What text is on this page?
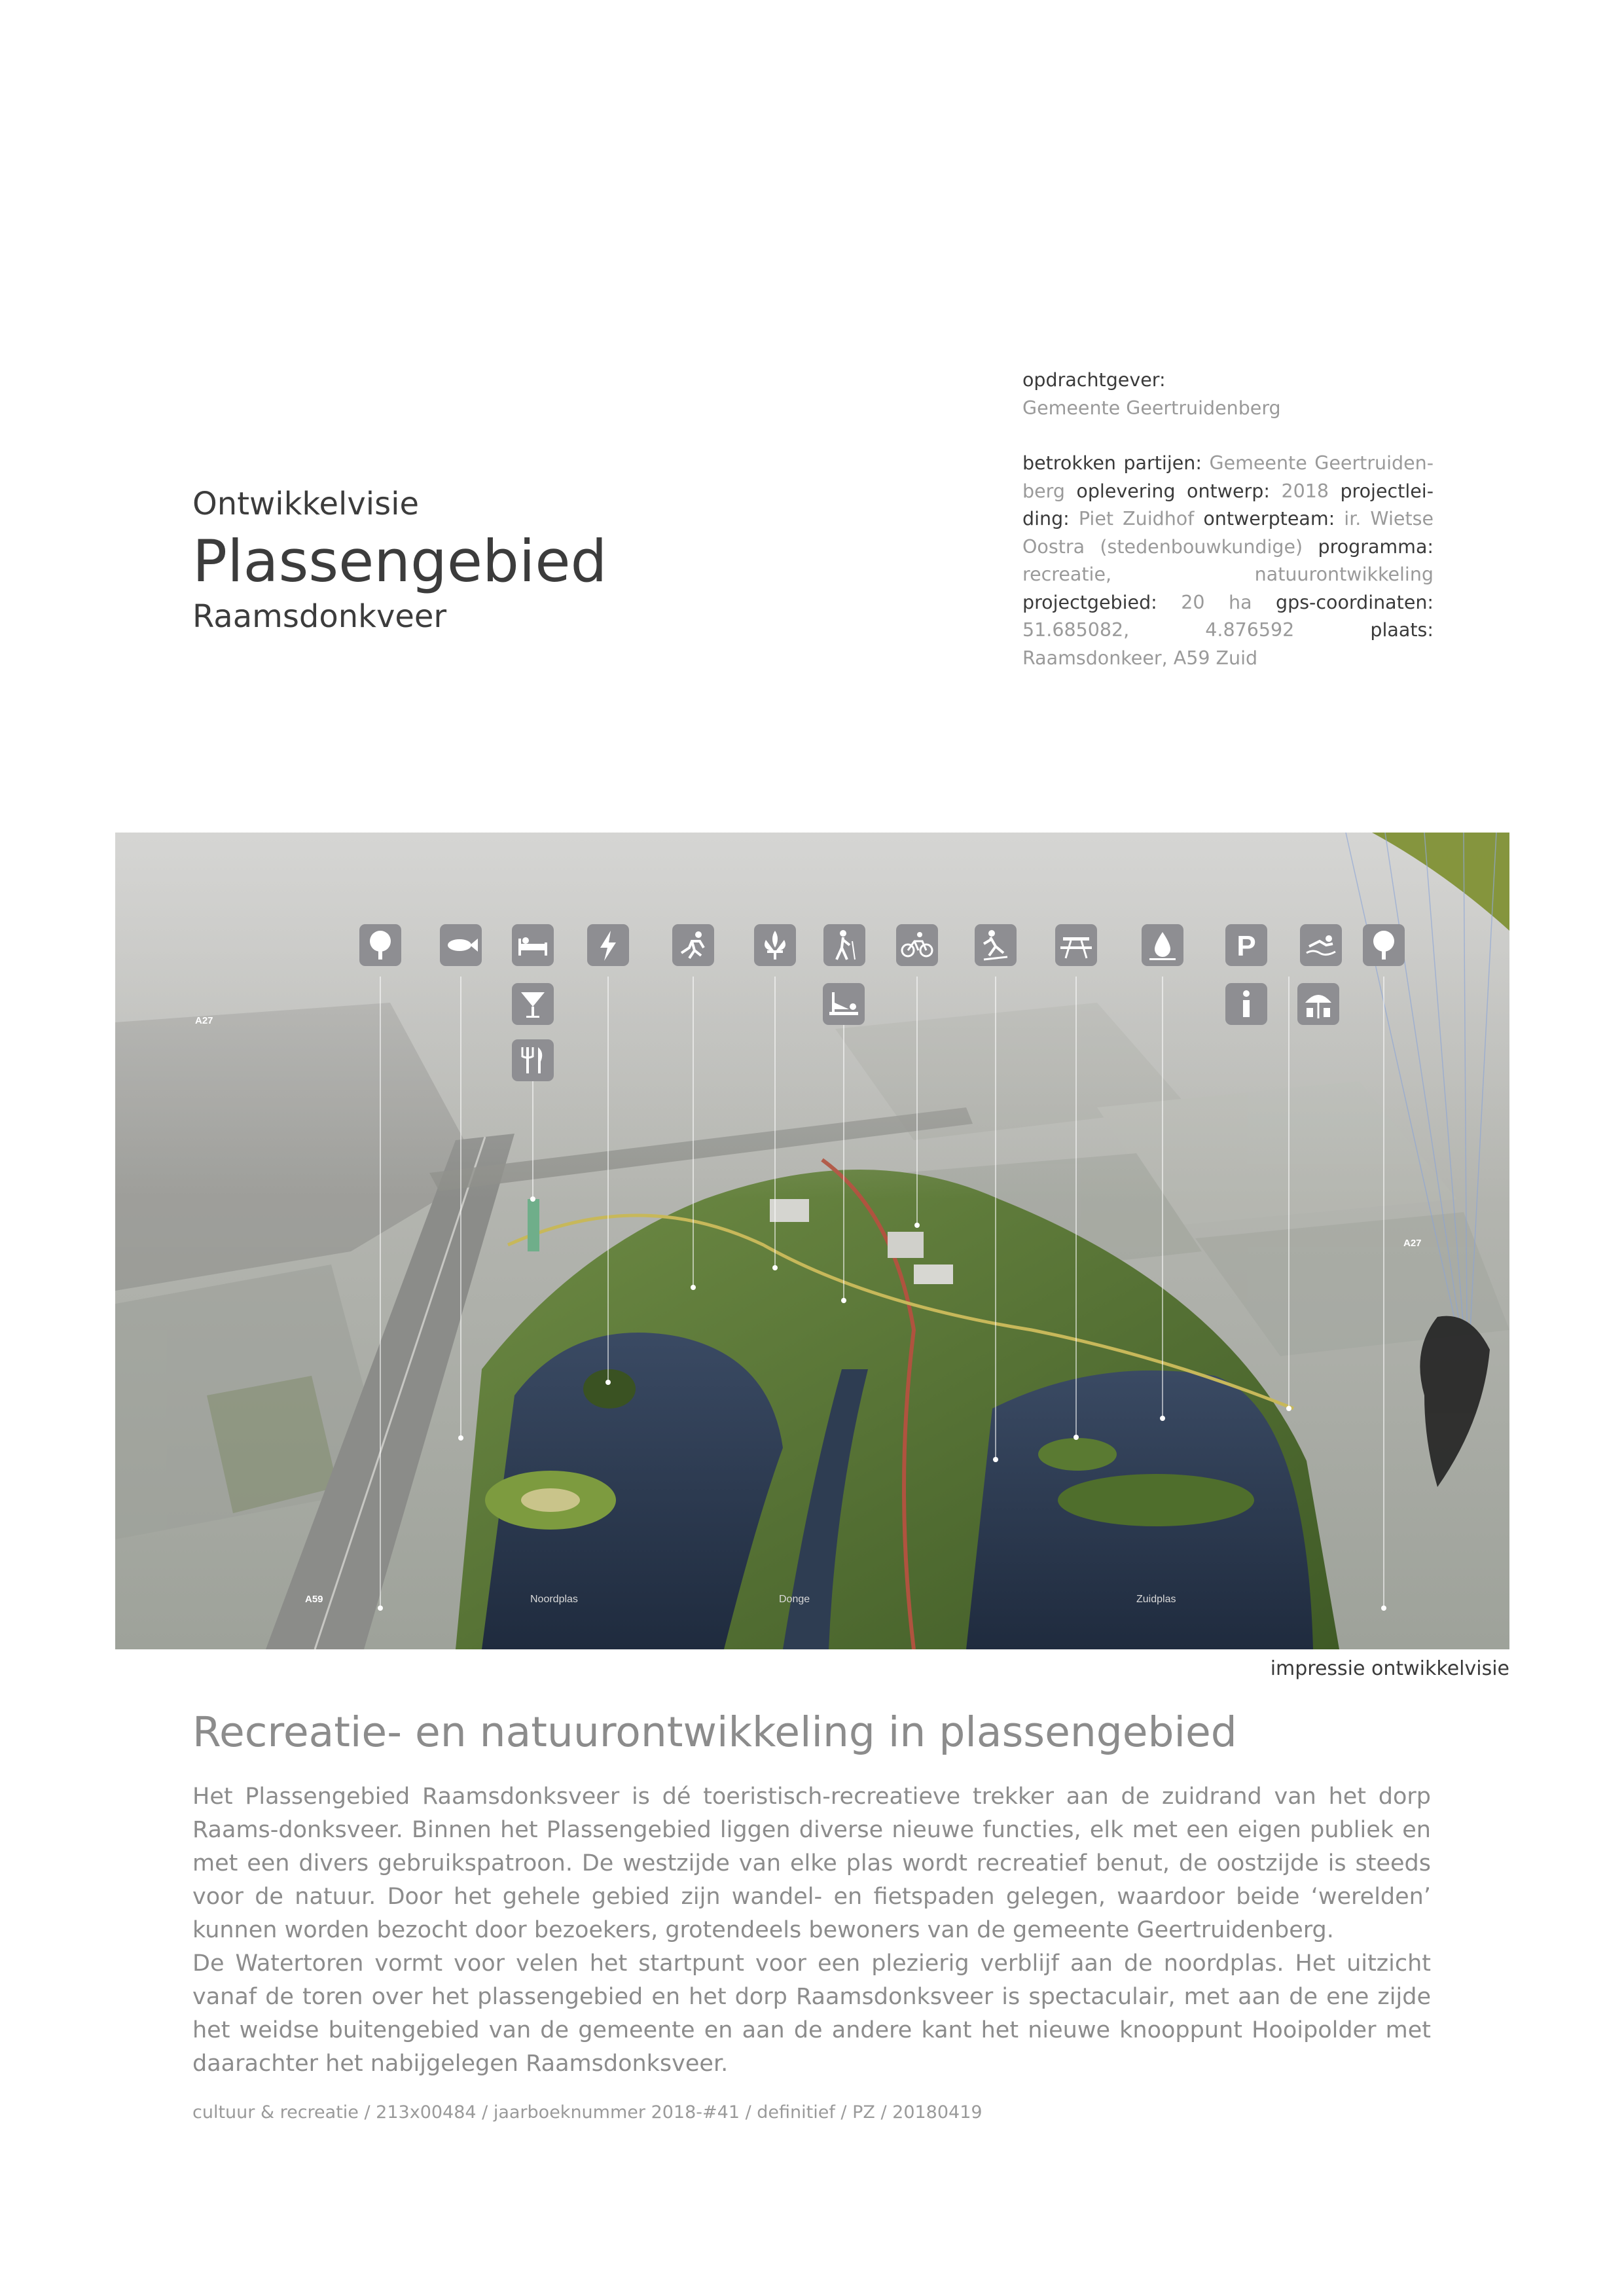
Ontwikkelvisie
Plassengebied
Raamsdonkveer

opdrachtgever:

Gemeente Geertruidenberg

betrokken partijen: Gemeente Geertruiden-berg oplevering ontwerp: 2018 projectlei-ding: Piet Zuidhof ontwerpteam: ir. Wietse Oostra (stedenbouwkundige) programma: recreatie, natuurontwikkeling projectgebied: 20 ha gps-coordinaten: 51.685082, 4.876592	plaats: Raamsdonkeer, A59 Zuid

P
A27
A27
A59	Noordplas	Donge	Zuidplas
impressie ontwikkelvisie
Recreatie- en natuurontwikkeling in plassengebied

Het Plassengebied Raamsdonksveer is dé toeristisch-recreatieve trekker aan de zuidrand van het dorp Raams-donksveer. Binnen het Plassengebied liggen diverse nieuwe functies, elk met een eigen publiek en met een divers gebruikspatroon. De westzijde van elke plas wordt recreatief benut, de oostzijde is steeds voor de natuur. Door het gehele gebied zijn wandel- en fietspaden gelegen, waardoor beide ‘werelden’ kunnen worden bezocht door bezoekers, grotendeels bewoners van de gemeente Geertruidenberg.

De Watertoren vormt voor velen het startpunt voor een plezierig verblijf aan de noordplas. Het uitzicht vanaf de toren over het plassengebied en het dorp Raamsdonksveer is spectaculair, met aan de ene zijde het weidse buitengebied van de gemeente en aan de andere kant het nieuwe knooppunt Hooipolder met daarachter het nabijgelegen Raamsdonksveer.

cultuur & recreatie / 213x00484 / jaarboeknummer 2018-#41 / definitief / PZ / 20180419
